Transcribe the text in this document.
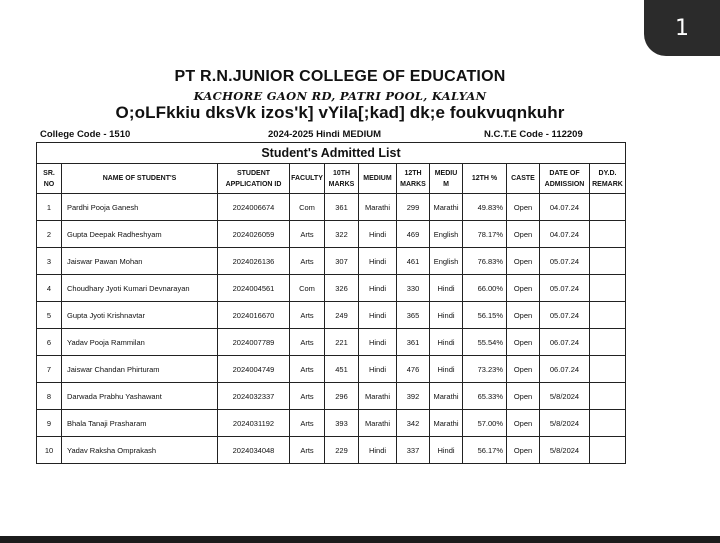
1
PT R.N.JUNIOR COLLEGE OF EDUCATION
KACHORE GAON RD, PATRI POOL, KALYAN
O;oLFkkiu dksVk izos'k] vYila[;kad] dk;e foukvuqnkuhr
College Code - 1510	2024-2025 Hindi MEDIUM	N.C.T.E Code - 112209
Student's Admitted List											
SR. NO	NAME OF STUDENT'S	STUDENT APPLICATION ID	FACULTY	10TH MARKS	MEDIUM	12TH MARKS	MEDIU M	12TH %	CASTE	DATE OF ADMISSION	DY.D. REMARK
1	Pardhi Pooja Ganesh	2024006674	Com	361	Marathi	299	Marathi	49.83%	Open	04.07.24	
2	Gupta Deepak Radheshyam	2024026059	Arts	322	Hindi	469	English	78.17%	Open	04.07.24	
3	Jaiswar Pawan Mohan	2024026136	Arts	307	Hindi	461	English	76.83%	Open	05.07.24	
4	Choudhary Jyoti Kumari Devnarayan	2024004561	Com	326	Hindi	330	Hindi	66.00%	Open	05.07.24	
5	Gupta Jyoti Krishnavtar	2024016670	Arts	249	Hindi	365	Hindi	56.15%	Open	05.07.24	
6	Yadav Pooja Rammilan	2024007789	Arts	221	Hindi	361	Hindi	55.54%	Open	06.07.24	
7	Jaiswar Chandan Phirturam	2024004749	Arts	451	Hindi	476	Hindi	73.23%	Open	06.07.24	
8	Darwada Prabhu Yashawant	2024032337	Arts	296	Marathi	392	Marathi	65.33%	Open	5/8/2024	
9	Bhala Tanaji Prasharam	2024031192	Arts	393	Marathi	342	Marathi	57.00%	Open	5/8/2024	
10	Yadav Raksha Omprakash	2024034048	Arts	229	Hindi	337	Hindi	56.17%	Open	5/8/2024	
